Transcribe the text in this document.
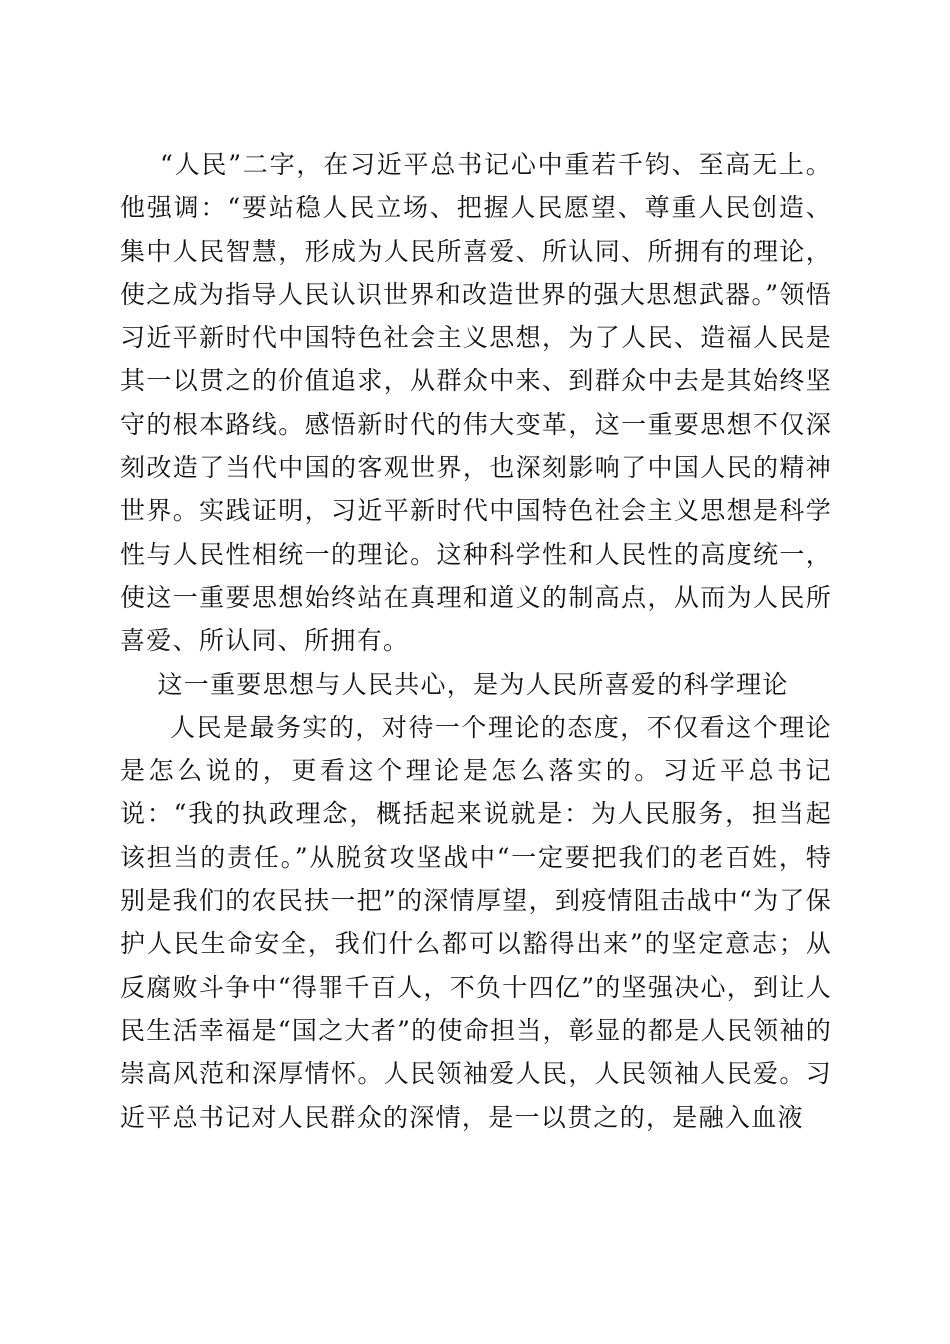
“人民”二字，在习近平总书记心中重若千钧、至高无上。他强调：“要站稳人民立场、把握人民愿望、尊重人民创造、集中人民智慧，形成为人民所喜爱、所认同、所拥有的理论，使之成为指导人民认识世界和改造世界的强大思想武器。”领悟习近平新时代中国特色社会主义思想，为了人民、造福人民是其一以贯之的价值追求，从群众中来、到群众中去是其始终坚守的根本路线。感悟新时代的伟大变革，这一重要思想不仅深刻改造了当代中国的客观世界，也深刻影响了中国人民的精神世界。实践证明，习近平新时代中国特色社会主义思想是科学性与人民性相统一的理论。这种科学性和人民性的高度统一，使这一重要思想始终站在真理和道义的制高点，从而为人民所喜爱、所认同、所拥有。

这一重要思想与人民共心，是为人民所喜爱的科学理论

人民是最务实的，对待一个理论的态度，不仅看这个理论是怎么说的，更看这个理论是怎么落实的。习近平总书记说：“我的执政理念，概括起来说就是：为人民服务，担当起该担当的责任。”从脱贫攻坚战中“一定要把我们的老百姓，特别是我们的农民扶一把”的深情厚望，到疫情阻击战中“为了保护人民生命安全，我们什么都可以豁得出来”的坚定意志；从反腐败斗争中“得罪千百人，不负十四亿”的坚强决心，到让人民生活幸福是“国之大者”的使命担当，彰显的都是人民领袖的崇高风范和深厚情怀。人民领袖爱人民，人民领袖人民爱。习近平总书记对人民群众的深情，是一以贯之的，是融入血液
